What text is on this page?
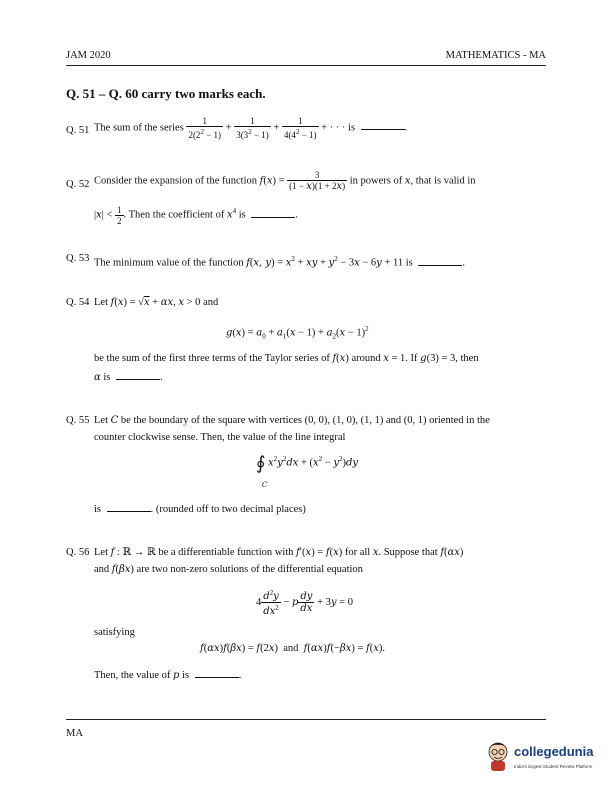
JAM 2020	MATHEMATICS - MA
Q. 51 – Q. 60 carry two marks each.
Q. 51 The sum of the series $\frac{1}{2(2^2 - 1)} + \frac{1}{3(3^2 - 1)} + \frac{1}{4(4^2 - 1)}$ + · · · is	.
Q. 52 Consider the expansion of the function $f(x) = \frac{3}{(1 - x)(1 + 2x)}$ in powers of x, that is valid in
$|x| < \frac{1}{2}$ . Then the coefficient of $x^4$ is	.
Q. 53 The minimum value of the function f(x, $y) = x^2$ + xy + $y^2 - 3x - 6y + 11$ is	.
Q. 54 Let f(x) = √x + αx, x > 0 and
$g(x) = a_0 + a_1(x - 1) + a_2(x - 1)^2$
be the sum of the first three terms of the Taylor series of f(x) around x = 1. If g(3) = 3, then
α is	.
Q. 55 Let C be the boundary of the square with vertices (0, 0), (1, 0), (1, 1) and (0, 1) oriented in the
counter clockwise sense. Then, the value of the line integral
∮ $x^2y^2dx + (x^2 - y^2)dy$
C
is	. (rounded off to two decimal places)
Q. 56 Let f : ℝ → ℝ be a differentiable function with f′(x) = f(x) for all x. Suppose that f(αx)
and f(βx) are two non-zero solutions of the differential equation
$4 \frac{d^2y}{dx^2} - p \frac{dy}{dx} + 3y = 0$
satisfying
f(αx)f(βx) = f(2x)  and f(αx)f(−βx) = f(x).
Then, the value of p is	.
MA
collegedunia
India's largest Student Review Platform
